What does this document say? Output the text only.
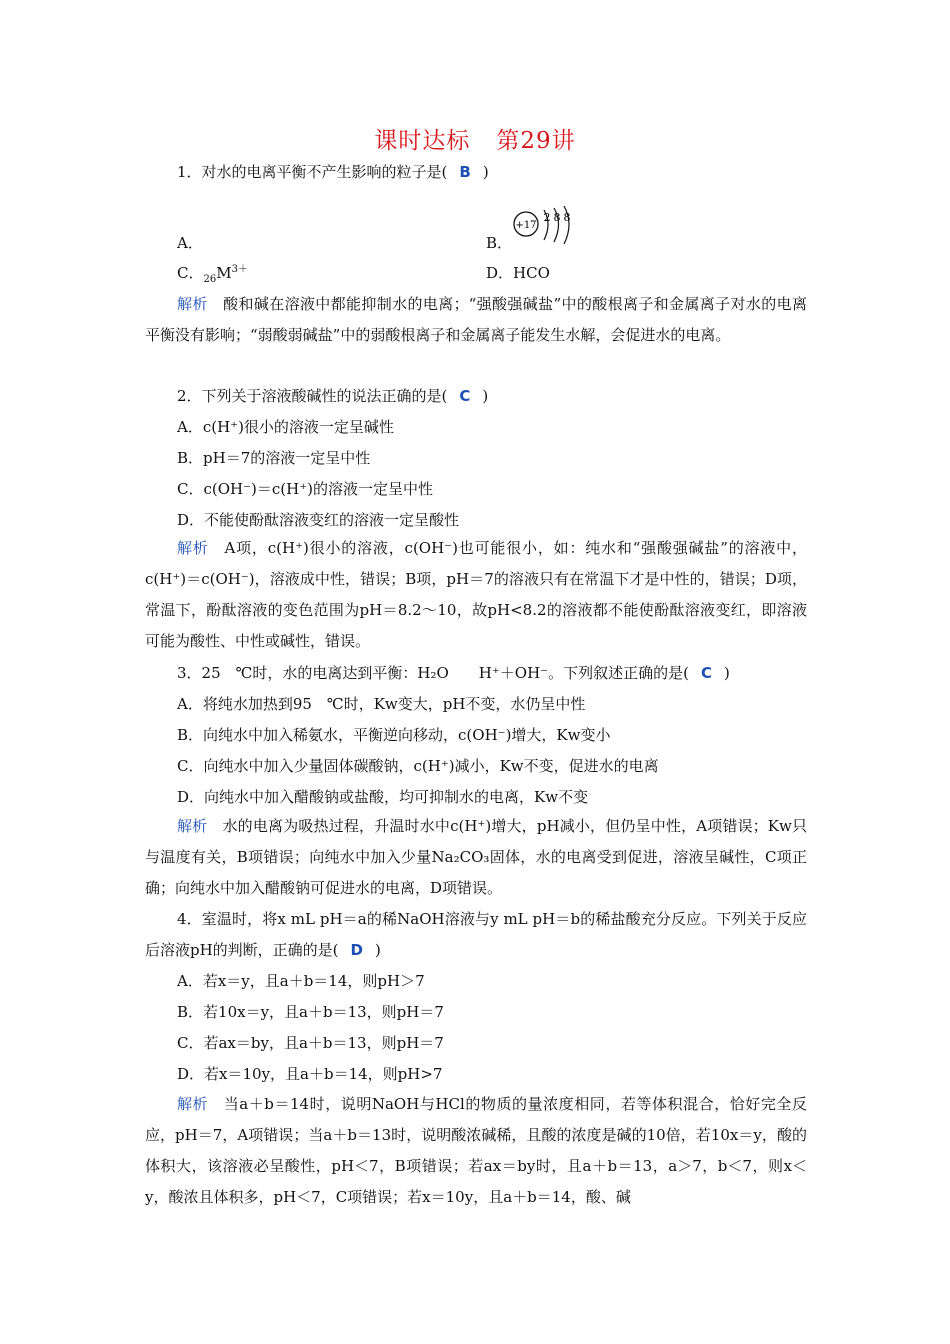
课时达标 第29讲
1．对水的电离平衡不产生影响的粒子是( B )
A．	B．
+17
2 8 8
C．$_{26}M^{3+}$	D．HCO
解析　 酸和碱在溶液中都能抑制水的电离；“强酸强碱盐”中的酸根离子和金属离子对水的电离平衡没有影响；“弱酸弱碱盐”中的弱酸根离子和金属离子能发生水解，会促进水的电离。
2．下列关于溶液酸碱性的说法正确的是( C )
A．c(H⁺)很小的溶液一定呈碱性
B．pH＝7的溶液一定呈中性
C．c(OH⁻)＝c(H⁺)的溶液一定呈中性
D．不能使酚酞溶液变红的溶液一定呈酸性
解析　 A项，c(H⁺)很小的溶液，c(OH⁻)也可能很小，如：纯水和“强酸强碱盐”的溶液中，c(H⁺)＝c(OH⁻)，溶液成中性，错误；B项，pH＝7的溶液只有在常温下才是中性的，错误；D项，常温下，酚酞溶液的变色范围为pH＝8.2～10，故pH<8.2的溶液都不能使酚酞溶液变红，即溶液可能为酸性、中性或碱性，错误。
3．25　℃时，水的电离达到平衡：H₂O　　H⁺＋OH⁻。下列叙述正确的是( C )
A．将纯水加热到95　℃时，Kw变大，pH不变，水仍呈中性
B．向纯水中加入稀氨水，平衡逆向移动，c(OH⁻)增大，Kw变小
C．向纯水中加入少量固体碳酸钠，c(H⁺)减小，Kw不变，促进水的电离
D．向纯水中加入醋酸钠或盐酸，均可抑制水的电离，Kw不变
解析　 水的电离为吸热过程，升温时水中c(H⁺)增大，pH减小，但仍呈中性，A项错误；Kw只与温度有关，B项错误；向纯水中加入少量Na₂CO₃固体，水的电离受到促进，溶液呈碱性，C项正确；向纯水中加入醋酸钠可促进水的电离，D项错误。
4．室温时，将x mL pH＝a的稀NaOH溶液与y mL pH＝b的稀盐酸充分反应。下列关于反应后溶液pH的判断，正确的是( D )
A．若x＝y，且a＋b＝14，则pH＞7
B．若10x＝y，且a＋b＝13，则pH＝7
C．若ax＝by，且a＋b＝13，则pH＝7
D．若x＝10y，且a＋b＝14，则pH>7
解析　 当a＋b＝14时，说明NaOH与HCl的物质的量浓度相同，若等体积混合，恰好完全反应，pH＝7，A项错误；当a＋b＝13时，说明酸浓碱稀，且酸的浓度是碱的10倍，若10x＝y，酸的体积大，该溶液必呈酸性，pH＜7，B项错误；若ax＝by时，且a＋b＝13，a＞7，b＜7，则x＜y，酸浓且体积多，pH＜7，C项错误；若x＝10y，且a＋b＝14，酸、碱
